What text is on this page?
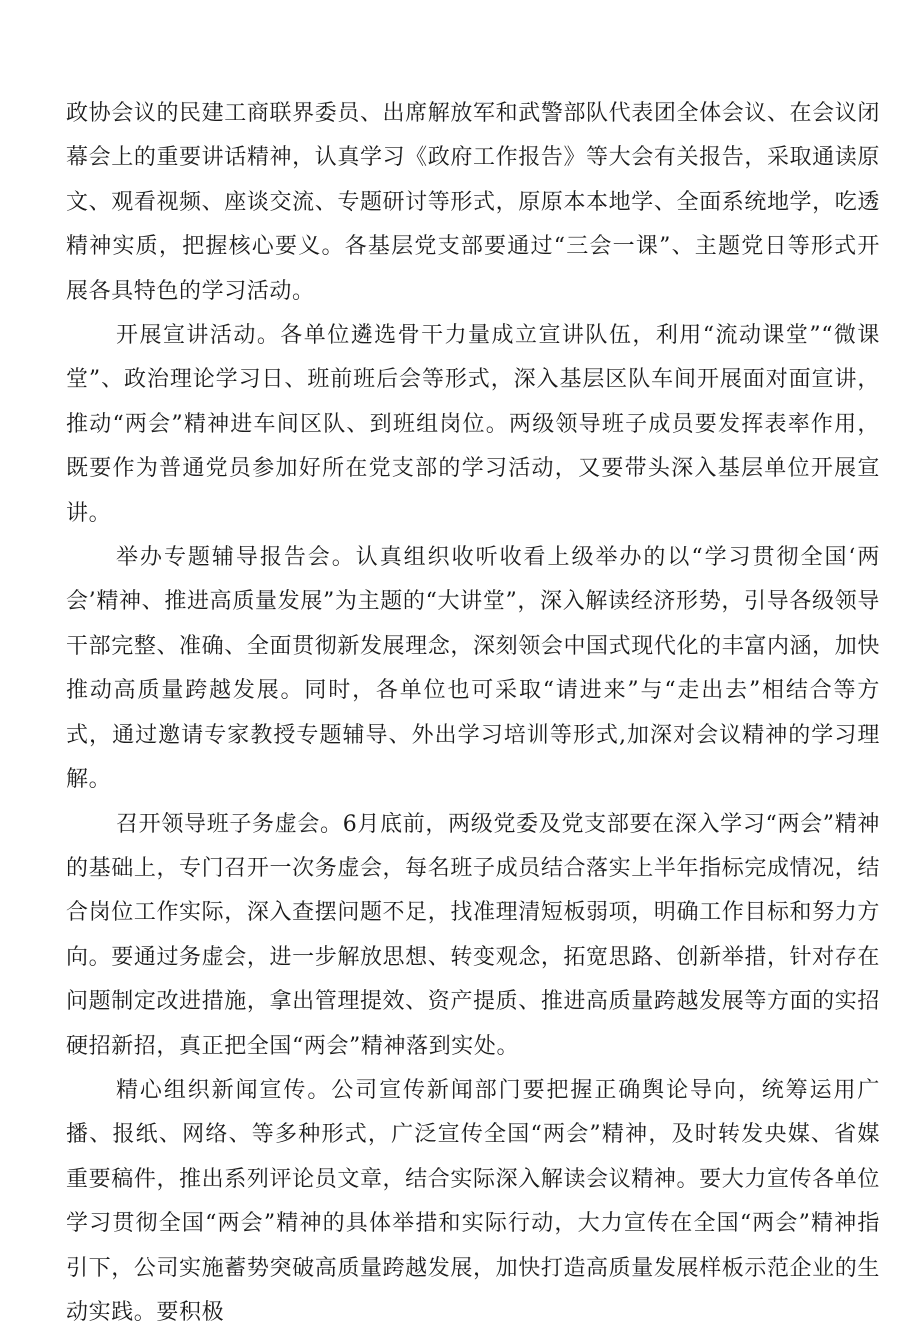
政协会议的民建工商联界委员、出席解放军和武警部队代表团全体会议、在会议闭幕会上的重要讲话精神，认真学习《政府工作报告》等大会有关报告，采取通读原文、观看视频、座谈交流、专题研讨等形式，原原本本地学、全面系统地学，吃透精神实质，把握核心要义。各基层党支部要通过“三会一课”、主题党日等形式开展各具特色的学习活动。

开展宣讲活动。各单位遴选骨干力量成立宣讲队伍，利用“流动课堂”“微课堂”、政治理论学习日、班前班后会等形式，深入基层区队车间开展面对面宣讲，推动“两会”精神进车间区队、到班组岗位。两级领导班子成员要发挥表率作用，既要作为普通党员参加好所在党支部的学习活动，又要带头深入基层单位开展宣讲。

举办专题辅导报告会。认真组织收听收看上级举办的以“学习贯彻全国‘两会’精神、推进高质量发展”为主题的“大讲堂”，深入解读经济形势，引导各级领导干部完整、准确、全面贯彻新发展理念，深刻领会中国式现代化的丰富内涵，加快推动高质量跨越发展。同时，各单位也可采取“请进来”与“走出去”相结合等方式，通过邀请专家教授专题辅导、外出学习培训等形式,加深对会议精神的学习理解。

召开领导班子务虚会。6月底前，两级党委及党支部要在深入学习“两会”精神的基础上，专门召开一次务虚会，每名班子成员结合落实上半年指标完成情况，结合岗位工作实际，深入查摆问题不足，找准理清短板弱项，明确工作目标和努力方向。要通过务虚会，进一步解放思想、转变观念，拓宽思路、创新举措，针对存在问题制定改进措施，拿出管理提效、资产提质、推进高质量跨越发展等方面的实招硬招新招，真正把全国“两会”精神落到实处。

精心组织新闻宣传。公司宣传新闻部门要把握正确舆论导向，统筹运用广播、报纸、网络、等多种形式，广泛宣传全国“两会”精神，及时转发央媒、省媒重要稿件，推出系列评论员文章，结合实际深入解读会议精神。要大力宣传各单位学习贯彻全国“两会”精神的具体举措和实际行动，大力宣传在全国“两会”精神指引下，公司实施蓄势突破高质量跨越发展，加快打造高质量发展样板示范企业的生动实践。要积极
